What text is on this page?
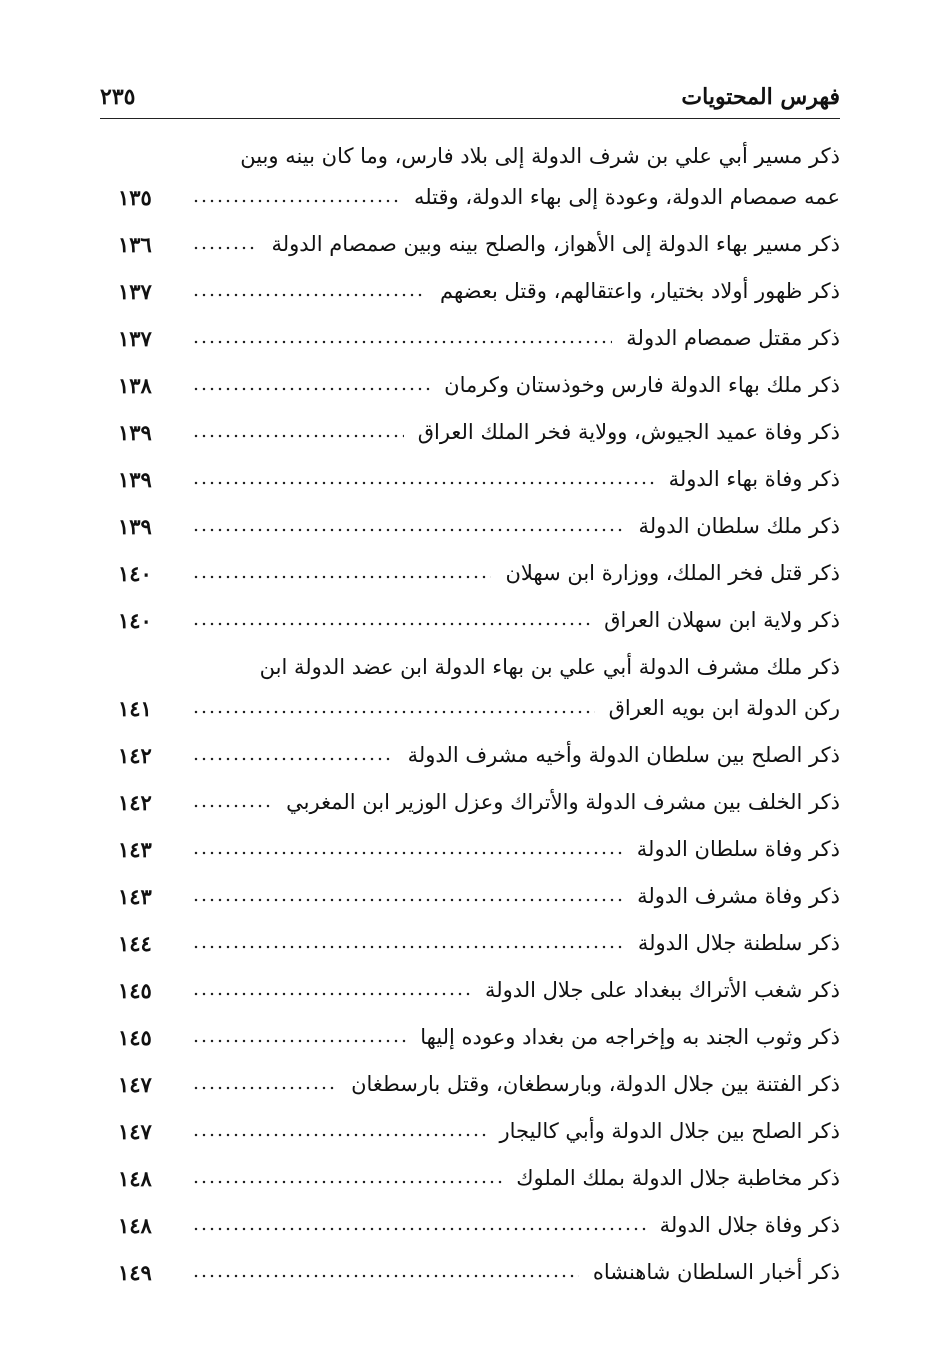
فهرس المحتويات
٢٣٥
ذكر مسير أبي علي بن شرف الدولة إلى بلاد فارس، وما كان بينه وبين
عمه صمصام الدولة، وعودة إلى بهاء الدولة، وقتله
١٣٥
ذكر مسير بهاء الدولة إلى الأهواز، والصلح بينه وبين صمصام الدولة
١٣٦
ذكر ظهور أولاد بختيار، واعتقالهم، وقتل بعضهم
١٣٧
ذكر مقتل صمصام الدولة
١٣٧
ذكر ملك بهاء الدولة فارس وخوذستان وكرمان
١٣٨
ذكر وفاة عميد الجيوش، وولاية فخر الملك العراق
١٣٩
ذكر وفاة بهاء الدولة
١٣٩
ذكر ملك سلطان الدولة
١٣٩
ذكر قتل فخر الملك، ووزارة ابن سهلان
١٤٠
ذكر ولاية ابن سهلان العراق
١٤٠
ذكر ملك مشرف الدولة أبي علي بن بهاء الدولة ابن عضد الدولة ابن
ركن الدولة ابن بويه العراق
١٤١
ذكر الصلح بين سلطان الدولة وأخيه مشرف الدولة
١٤٢
ذكر الخلف بين مشرف الدولة والأتراك وعزل الوزير ابن المغربي
١٤٢
ذكر وفاة سلطان الدولة
١٤٣
ذكر وفاة مشرف الدولة
١٤٣
ذكر سلطنة جلال الدولة
١٤٤
ذكر شغب الأتراك ببغداد على جلال الدولة
١٤٥
ذكر وثوب الجند به وإخراجه من بغداد وعوده إليها
١٤٥
ذكر الفتنة بين جلال الدولة، وبارسطغان، وقتل بارسطغان
١٤٧
ذكر الصلح بين جلال الدولة وأبي كاليجار
١٤٧
ذكر مخاطبة جلال الدولة بملك الملوك
١٤٨
ذكر وفاة جلال الدولة
١٤٨
ذكر أخبار السلطان شاهنشاه
١٤٩
